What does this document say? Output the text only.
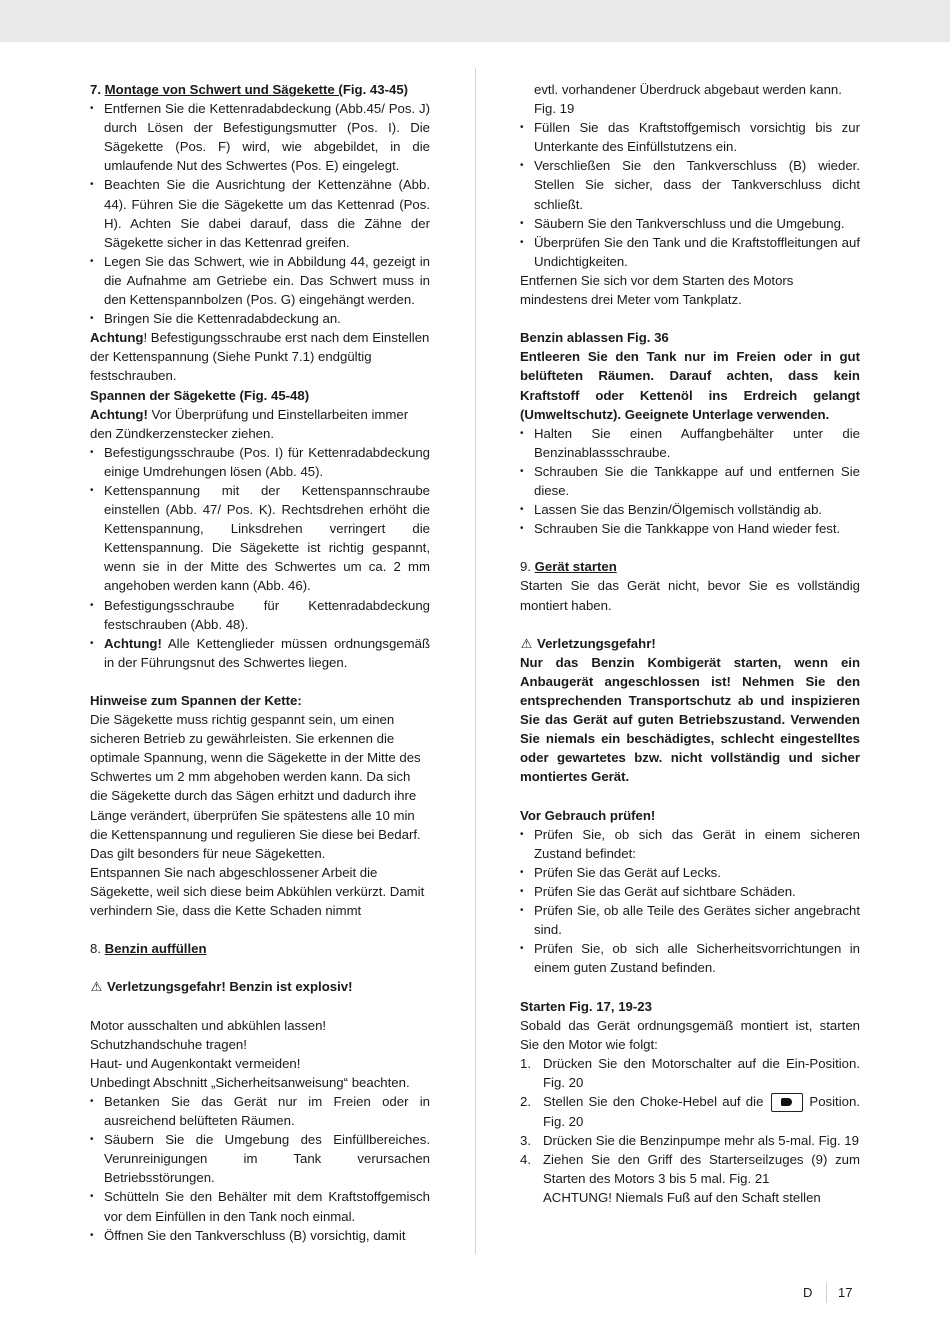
7. Montage von Schwert und Sägekette (Fig. 43-45)

• Entfernen Sie die Kettenradabdeckung (Abb.45/ Pos. J) durch Lösen der Befestigungsmutter (Pos. I). Die Sägekette (Pos. F) wird, wie abgebildet, in die umlaufende Nut des Schwertes (Pos. E) eingelegt.
• Beachten Sie die Ausrichtung der Kettenzähne (Abb. 44). Führen Sie die Sägekette um das Kettenrad (Pos. H). Achten Sie dabei darauf, dass die Zähne der Sägekette sicher in das Kettenrad greifen.
• Legen Sie das Schwert, wie in Abbildung 44, gezeigt in die Aufnahme am Getriebe ein. Das Schwert muss in den Kettenspannbolzen (Pos. G) eingehängt werden.
• Bringen Sie die Kettenradabdeckung an.

Achtung! Befestigungsschraube erst nach dem Einstellen der Kettenspannung (Siehe Punkt 7.1) endgültig festschrauben.

Spannen der Sägekette (Fig. 45-48)

Achtung! Vor Überprüfung und Einstellarbeiten immer den Zündkerzenstecker ziehen.

• Befestigungsschraube (Pos. I) für Kettenradabdeckung einige Umdrehungen lösen (Abb. 45).
• Kettenspannung mit der Kettenspannschraube einstellen (Abb. 47/ Pos. K). Rechtsdrehen erhöht die Kettenspannung, Linksdrehen verringert die Kettenspannung. Die Sägekette ist richtig gespannt, wenn sie in der Mitte des Schwertes um ca. 2 mm angehoben werden kann (Abb. 46).
• Befestigungsschraube für Kettenradabdeckung festschrauben (Abb. 48).
• Achtung! Alle Kettenglieder müssen ordnungsgemäß in der Führungsnut des Schwertes liegen.

Hinweise zum Spannen der Kette:

Die Sägekette muss richtig gespannt sein, um einen sicheren Betrieb zu gewährleisten. Sie erkennen die optimale Spannung, wenn die Sägekette in der Mitte des Schwertes um 2 mm abgehoben werden kann. Da sich die Sägekette durch das Sägen erhitzt und dadurch ihre Länge verändert, überprüfen Sie spätestens alle 10 min die Kettenspannung und regulieren Sie diese bei Bedarf. Das gilt besonders für neue Sägeketten.

Entspannen Sie nach abgeschlossener Arbeit die Sägekette, weil sich diese beim Abkühlen verkürzt. Damit verhindern Sie, dass die Kette Schaden nimmt

8. Benzin auffüllen

⚠ Verletzungsgefahr! Benzin ist explosiv!

Motor ausschalten und abkühlen lassen!

Schutzhandschuhe tragen!

Haut- und Augenkontakt vermeiden!

Unbedingt Abschnitt „Sicherheitsanweisung“ beachten.

• Betanken Sie das Gerät nur im Freien oder in ausreichend belüfteten Räumen.
• Säubern Sie die Umgebung des Einfüllbereiches. Verunreinigungen im Tank verursachen Betriebsstörungen.
• Schütteln Sie den Behälter mit dem Kraftstoffgemisch vor dem Einfüllen in den Tank noch einmal.
• Öffnen Sie den Tankverschluss (B) vorsichtig, damit

evtl. vorhandener Überdruck abgebaut werden kann. Fig. 19

• Füllen Sie das Kraftstoffgemisch vorsichtig bis zur Unterkante des Einfüllstutzens ein.
• Verschließen Sie den Tankverschluss (B) wieder. Stellen Sie sicher, dass der Tankverschluss dicht schließt.
• Säubern Sie den Tankverschluss und die Umgebung.
• Überprüfen Sie den Tank und die Kraftstoffleitungen auf Undichtigkeiten.

Entfernen Sie sich vor dem Starten des Motors mindestens drei Meter vom Tankplatz.

Benzin ablassen Fig. 36

Entleeren Sie den Tank nur im Freien oder in gut belüfteten Räumen. Darauf achten, dass kein Kraftstoff oder Kettenöl ins Erdreich gelangt (Umweltschutz). Geeignete Unterlage verwenden.

• Halten Sie einen Auffangbehälter unter die Benzinablassschraube.
• Schrauben Sie die Tankkappe auf und entfernen Sie diese.
• Lassen Sie das Benzin/Ölgemisch vollständig ab.
• Schrauben Sie die Tankkappe von Hand wieder fest.

9. Gerät starten

Starten Sie das Gerät nicht, bevor Sie es vollständig montiert haben.

⚠ Verletzungsgefahr!

Nur das Benzin Kombigerät starten, wenn ein Anbaugerät angeschlossen ist! Nehmen Sie den entsprechenden Transportschutz ab und inspizieren Sie das Gerät auf guten Betriebszustand. Verwenden Sie niemals ein beschädigtes, schlecht eingestelltes oder gewartetes bzw. nicht vollständig und sicher montiertes Gerät.

Vor Gebrauch prüfen!

• Prüfen Sie, ob sich das Gerät in einem sicheren Zustand befindet:
• Prüfen Sie das Gerät auf Lecks.
• Prüfen Sie das Gerät auf sichtbare Schäden.
• Prüfen Sie, ob alle Teile des Gerätes sicher angebracht sind.
• Prüfen Sie, ob sich alle Sicherheitsvorrichtungen in einem guten Zustand befinden.

Starten Fig. 17, 19-23

Sobald das Gerät ordnungsgemäß montiert ist, starten Sie den Motor wie folgt:

1. Drücken Sie den Motorschalter auf die Ein-Position. Fig. 20
2. Stellen Sie den Choke-Hebel auf die	Position. Fig. 20
3. Drücken Sie die Benzinpumpe mehr als 5-mal. Fig. 19
4. Ziehen Sie den Griff des Starterseilzuges (9) zum Starten des Motors 3 bis 5 mal. Fig. 21
ACHTUNG! Niemals Fuß auf den Schaft stellen
D 17
